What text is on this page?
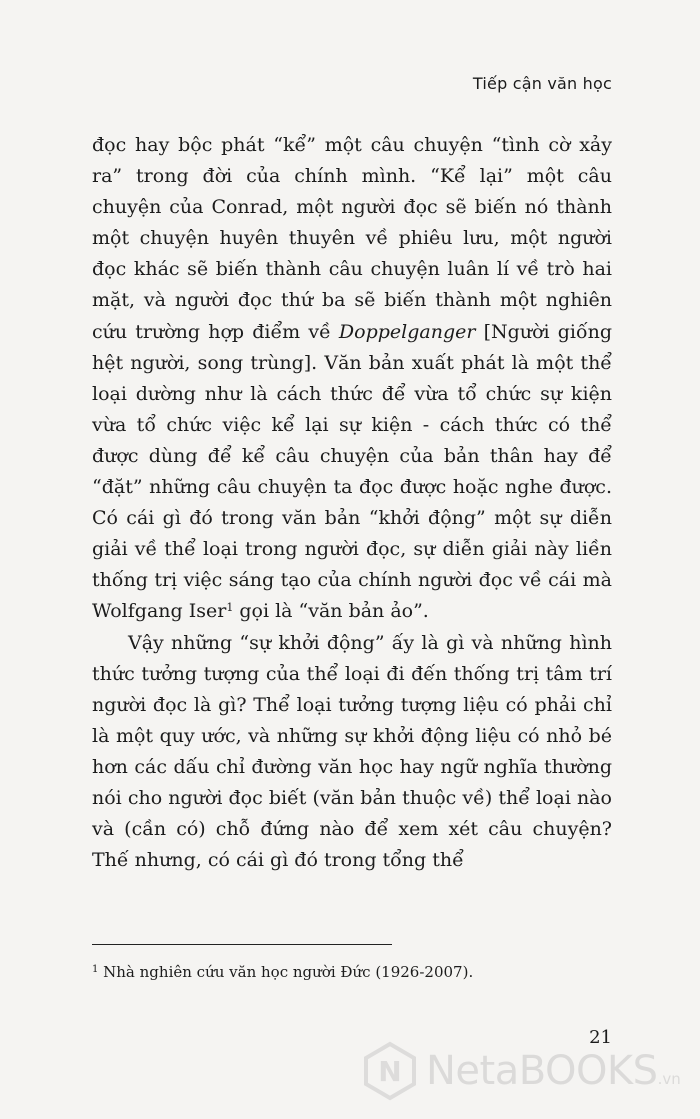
Tiếp cận văn học

đọc hay bộc phát “kể” một câu chuyện “tình cờ xảy ra” trong đời của chính mình. “Kể lại” một câu chuyện của Conrad, một người đọc sẽ biến nó thành một chuyện huyên thuyên về phiêu lưu, một người đọc khác sẽ biến thành câu chuyện luân lí về trò hai mặt, và người đọc thứ ba sẽ biến thành một nghiên cứu trường hợp điểm về Doppelganger [Người giống hệt người, song trùng]. Văn bản xuất phát là một thể loại dường như là cách thức để vừa tổ chức sự kiện vừa tổ chức việc kể lại sự kiện - cách thức có thể được dùng để kể câu chuyện của bản thân hay để “đặt” những câu chuyện ta đọc được hoặc nghe được. Có cái gì đó trong văn bản “khởi động” một sự diễn giải về thể loại trong người đọc, sự diễn giải này liền thống trị việc sáng tạo của chính người đọc về cái mà Wolfgang Iser$^1$ gọi là “văn bản ảo”.

Vậy những “sự khởi động” ấy là gì và những hình thức tưởng tượng của thể loại đi đến thống trị tâm trí người đọc là gì? Thể loại tưởng tượng liệu có phải chỉ là một quy ước, và những sự khởi động liệu có nhỏ bé hơn các dấu chỉ đường văn học hay ngữ nghĩa thường nói cho người đọc biết (văn bản thuộc về) thể loại nào và (cần có) chỗ đứng nào để xem xét câu chuyện? Thế nhưng, có cái gì đó trong tổng thể

$^1$ Nhà nghiên cứu văn học người Đức (1926-2007).
21
N NetaBOOKS.vn
